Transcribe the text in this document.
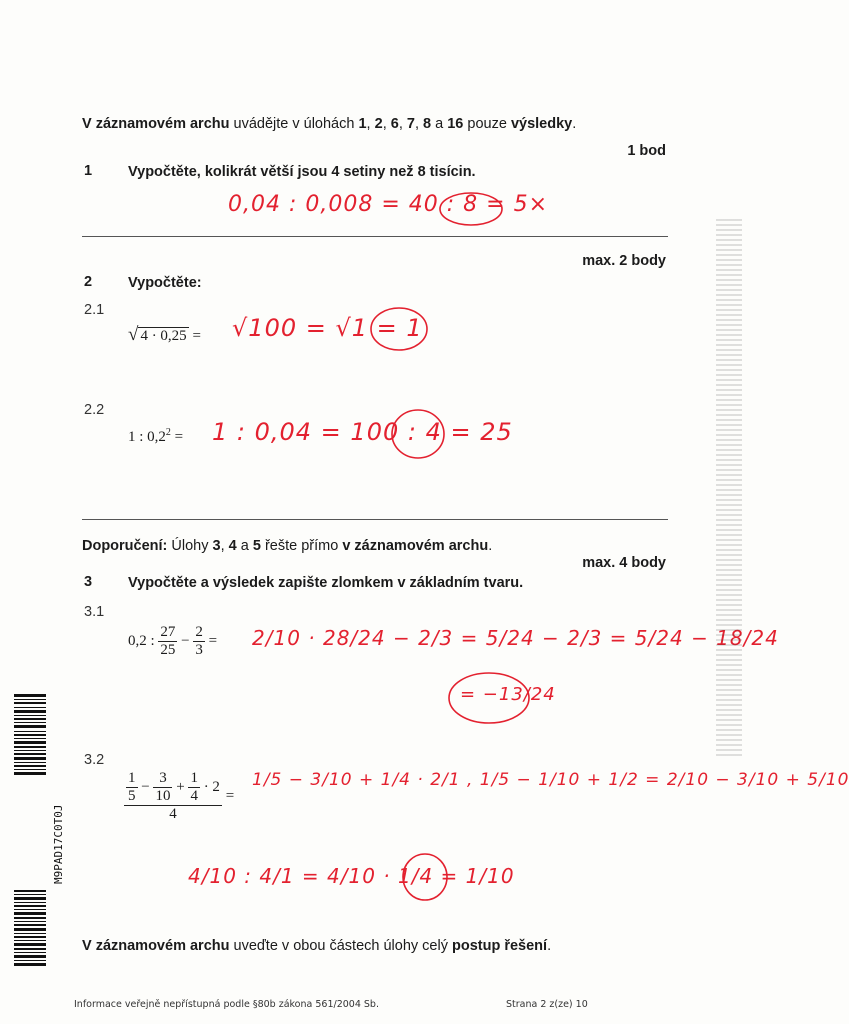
V záznamovém archu uvádějte v úlohách 1, 2, 6, 7, 8 a 16 pouze výsledky.
1 bod
1 Vypočtěte, kolikrát větší jsou 4 setiny než 8 tisícin.
0,04 : 0,008 = 40 : 8 = 5×
max. 2 body
2 Vypočtěte:
2.1
√ 4 · 0,25 = √100 = √1 = 1
2.2
1 : $0,2^2 = 1$ : 0,04 = 100 : 4 = 25
Doporučení: Úlohy 3, 4 a 5 řešte přímo v záznamovém archu.
max. 4 body
3 Vypočtěte a výsledek zapište zlomkem v základním tvaru.
3.1
0,2 : $\frac{27}{25} - \frac{2}{3} = 2/10 \cdot 28/24 - 2/3 = 5/24 - 2/3 = 5/24 - 18/24$
= −13/24
3.2
$\frac{\frac{1}{5} - \frac{3}{10} + \frac{1}{4} \cdot 2}{4}$ =
1/5 − 3/10 + 1/4 · 2/1 , 1/5 − 1/10 + 1/2 = 2/10 − 3/10 + 5/10
4/10 : 4/1 = 4/10 · 1/4 = 1/10
V záznamovém archu uveďte v obou částech úlohy celý postup řešení.
Informace veřejně nepřístupná podle §80b zákona 561/2004 Sb.	Strana 2 z(ze) 10
M9PAD17C0T0J
